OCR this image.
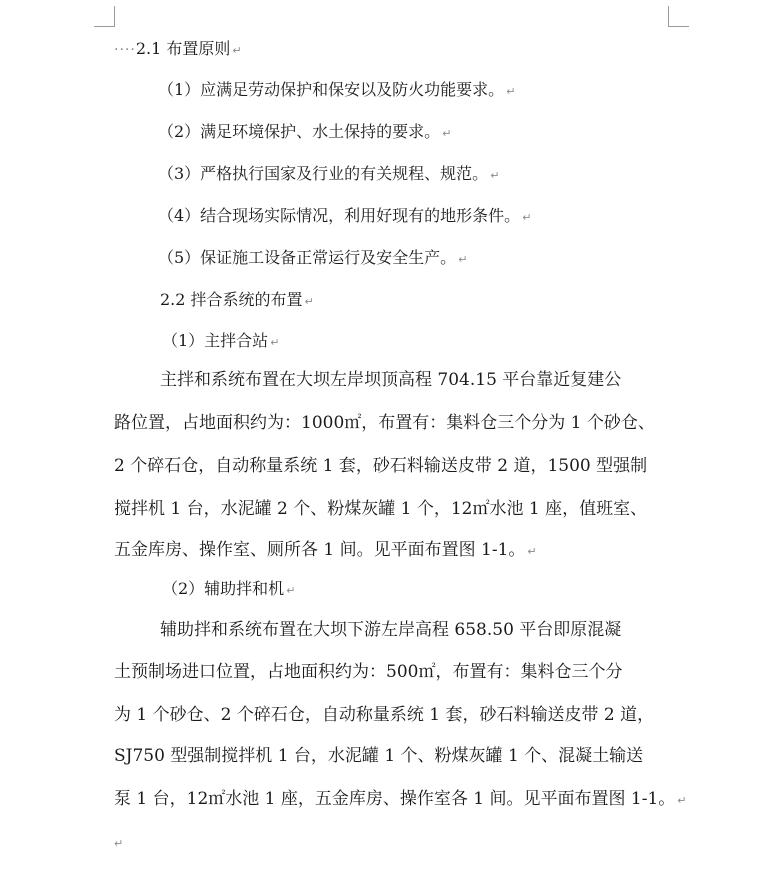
····2.1 布置原则 ↵
（1）应满足劳动保护和保安以及防火功能要求。 ↵
（2）满足环境保护、水土保持的要求。 ↵
（3）严格执行国家及行业的有关规程、规范。 ↵
（4）结合现场实际情况，利用好现有的地形条件。 ↵
（5）保证施工设备正常运行及安全生产。 ↵
2.2 拌合系统的布置 ↵
（1）主拌合站 ↵
主拌和系统布置在大坝左岸坝顶高程 704.15 平台靠近复建公
路位置，占地面积约为：1000㎡，布置有：集料仓三个分为 1 个砂仓、
2 个碎石仓，自动称量系统 1 套，砂石料输送皮带 2 道，1500 型强制
搅拌机 1 台，水泥罐 2 个、粉煤灰罐 1 个，12㎡水池 1 座，值班室、
五金库房、操作室、厕所各 1 间。见平面布置图 1-1。 ↵
（2）辅助拌和机 ↵
辅助拌和系统布置在大坝下游左岸高程 658.50 平台即原混凝
土预制场进口位置，占地面积约为：500㎡，布置有：集料仓三个分
为 1 个砂仓、2 个碎石仓，自动称量系统 1 套，砂石料输送皮带 2 道，
SJ750 型强制搅拌机 1 台，水泥罐 1 个、粉煤灰罐 1 个、混凝土输送
泵 1 台，12㎡水池 1 座，五金库房、操作室各 1 间。见平面布置图 1-1。 ↵
↵
